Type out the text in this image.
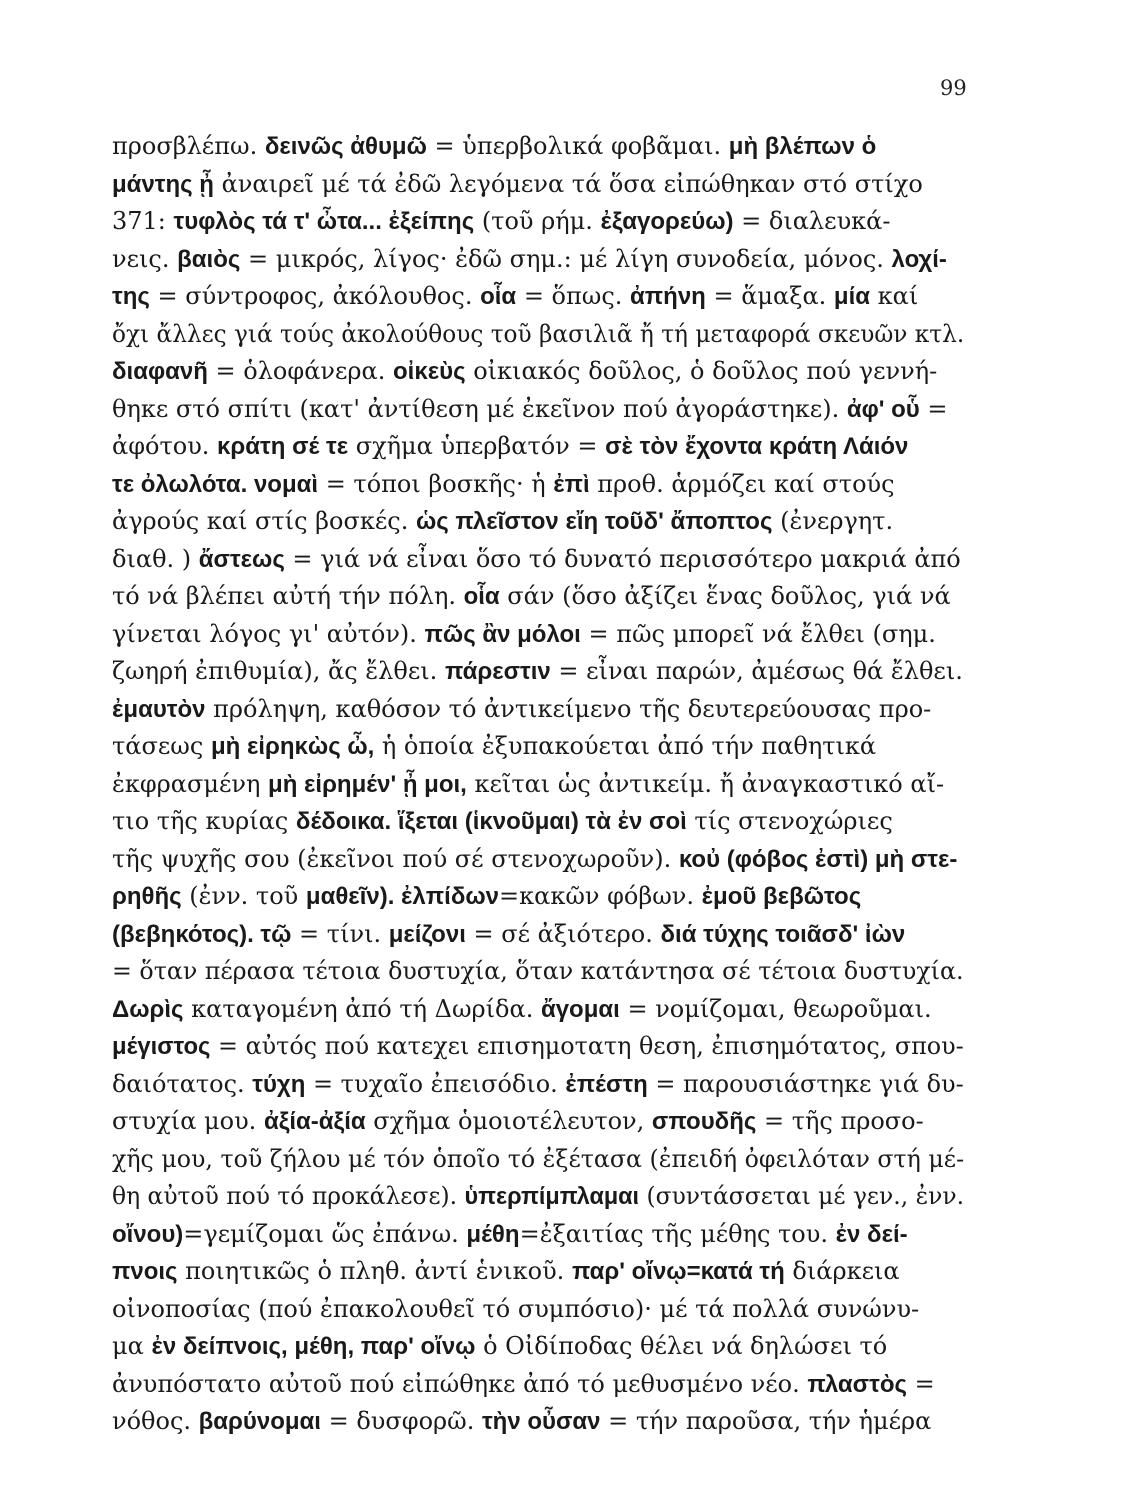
99
προσβλέπω. δεινῶς ἀθυμῶ = ὑπερβολικά φοβᾶμαι. μὴ βλέπων ὁ
μάντης ᾖ ἀναιρεῖ μέ τά ἐδῶ λεγόμενα τά ὅσα εἰπώθηκαν στό στίχο
371: τυφλὸς τά τ' ὦτα... ἐξείπης (τοῦ ρήμ. ἐξαγορεύω) = διαλευκά-
νεις. βαιὸς = μικρός, λίγος· ἐδῶ σημ.: μέ λίγη συνοδεία, μόνος. λοχί-
της = σύντροφος, ἀκόλουθος. οἷα = ὅπως. ἀπήνη = ἅμαξα. μία καί
ὄχι ἄλλες γιά τούς ἀκολούθους τοῦ βασιλιᾶ ἤ τή μεταφορά σκευῶν κτλ.
διαφανῆ = ὁλοφάνερα. οἰκεὺς οἰκιακός δοῦλος, ὁ δοῦλος πού γεννή-
θηκε στό σπίτι (κατ' ἀντίθεση μέ ἐκεῖνον πού ἀγοράστηκε). ἀφ' οὗ =
ἀφότου. κράτη σέ τε σχῆμα ὑπερβατόν = σὲ τὸν ἔχοντα κράτη Λάιόν
τε ὀλωλότα. νομαὶ = τόποι βοσκῆς· ἡ ἐπὶ προθ. ἁρμόζει καί στούς
ἀγρούς καί στίς βοσκές. ὡς πλεῖστον εἴη τοῦδ' ἄποπτος (ἐνεργητ.
διαθ. ) ἄστεως = γιά νά εἶναι ὅσο τό δυνατό περισσότερο μακριά ἀπό
τό νά βλέπει αὐτή τήν πόλη. οἷα σάν (ὅσο ἀξίζει ἕνας δοῦλος, γιά νά
γίνεται λόγος γι' αὐτόν). πῶς ἂν μόλοι = πῶς μπορεῖ νά ἔλθει (σημ.
ζωηρή ἐπιθυμία), ἄς ἔλθει. πάρεστιν = εἶναι παρών, ἀμέσως θά ἔλθει.
ἐμαυτὸν πρόληψη, καθόσον τό ἀντικείμενο τῆς δευτερεύουσας προ-
τάσεως μὴ εἰρηκὼς ὦ, ἡ ὁποία ἐξυπακούεται ἀπό τήν παθητικά
ἐκφρασμένη μὴ εἰρημέν' ᾖ μοι, κεῖται ὡς ἀντικείμ. ἤ ἀναγκαστικό αἴ-
τιο τῆς κυρίας δέδοικα. ἵξεται (ἱκνοῦμαι) τὰ ἐν σοὶ τίς στενοχώριες
τῆς ψυχῆς σου (ἐκεῖνοι πού σέ στενοχωροῦν). κοὐ (φόβος ἐστὶ) μὴ στε-
ρηθῆς (ἐνν. τοῦ μαθεῖν). ἐλπίδων=κακῶν φόβων. ἐμοῦ βεβῶτος
(βεβηκότος). τῷ = τίνι. μείζονι = σέ ἀξιότερο. διά τύχης τοιᾶσδ' ἰὼν
= ὅταν πέρασα τέτοια δυστυχία, ὅταν κατάντησα σέ τέτοια δυστυχία.
Δωρὶς καταγομένη ἀπό τή Δωρίδα. ἄγομαι = νομίζομαι, θεωροῦμαι.
μέγιστος = αὐτός πού κατεχει επισημοτατη θεση, ἐπισημότατος, σπου-
δαιότατος. τύχη = τυχαῖο ἐπεισόδιο. ἐπέστη = παρουσιάστηκε γιά δυ-
στυχία μου. ἀξία-ἀξία σχῆμα ὁμοιοτέλευτον, σπουδῆς = τῆς προσο-
χῆς μου, τοῦ ζήλου μέ τόν ὁποῖο τό ἐξέτασα (ἐπειδή ὀφειλόταν στή μέ-
θη αὐτοῦ πού τό προκάλεσε). ὑπερπίμπλαμαι (συντάσσεται μέ γεν., ἐνν.
οἴνου)=γεμίζομαι ὥς ἐπάνω. μέθη=ἐξαιτίας τῆς μέθης του. ἐν δεί-
πνοις ποιητικῶς ὁ πληθ. ἀντί ἑνικοῦ. παρ' οἴνῳ=κατά τή διάρκεια
οἰνοποσίας (πού ἐπακολουθεῖ τό συμπόσιο)· μέ τά πολλά συνώνυ-
μα ἐν δείπνοις, μέθη, παρ' οἴνῳ ὁ Οἰδίποδας θέλει νά δηλώσει τό
ἀνυπόστατο αὐτοῦ πού εἰπώθηκε ἀπό τό μεθυσμένο νέο. πλαστὸς =
νόθος. βαρύνομαι = δυσφορῶ. τὴν οὖσαν = τήν παροῦσα, τήν ἡμέρα
